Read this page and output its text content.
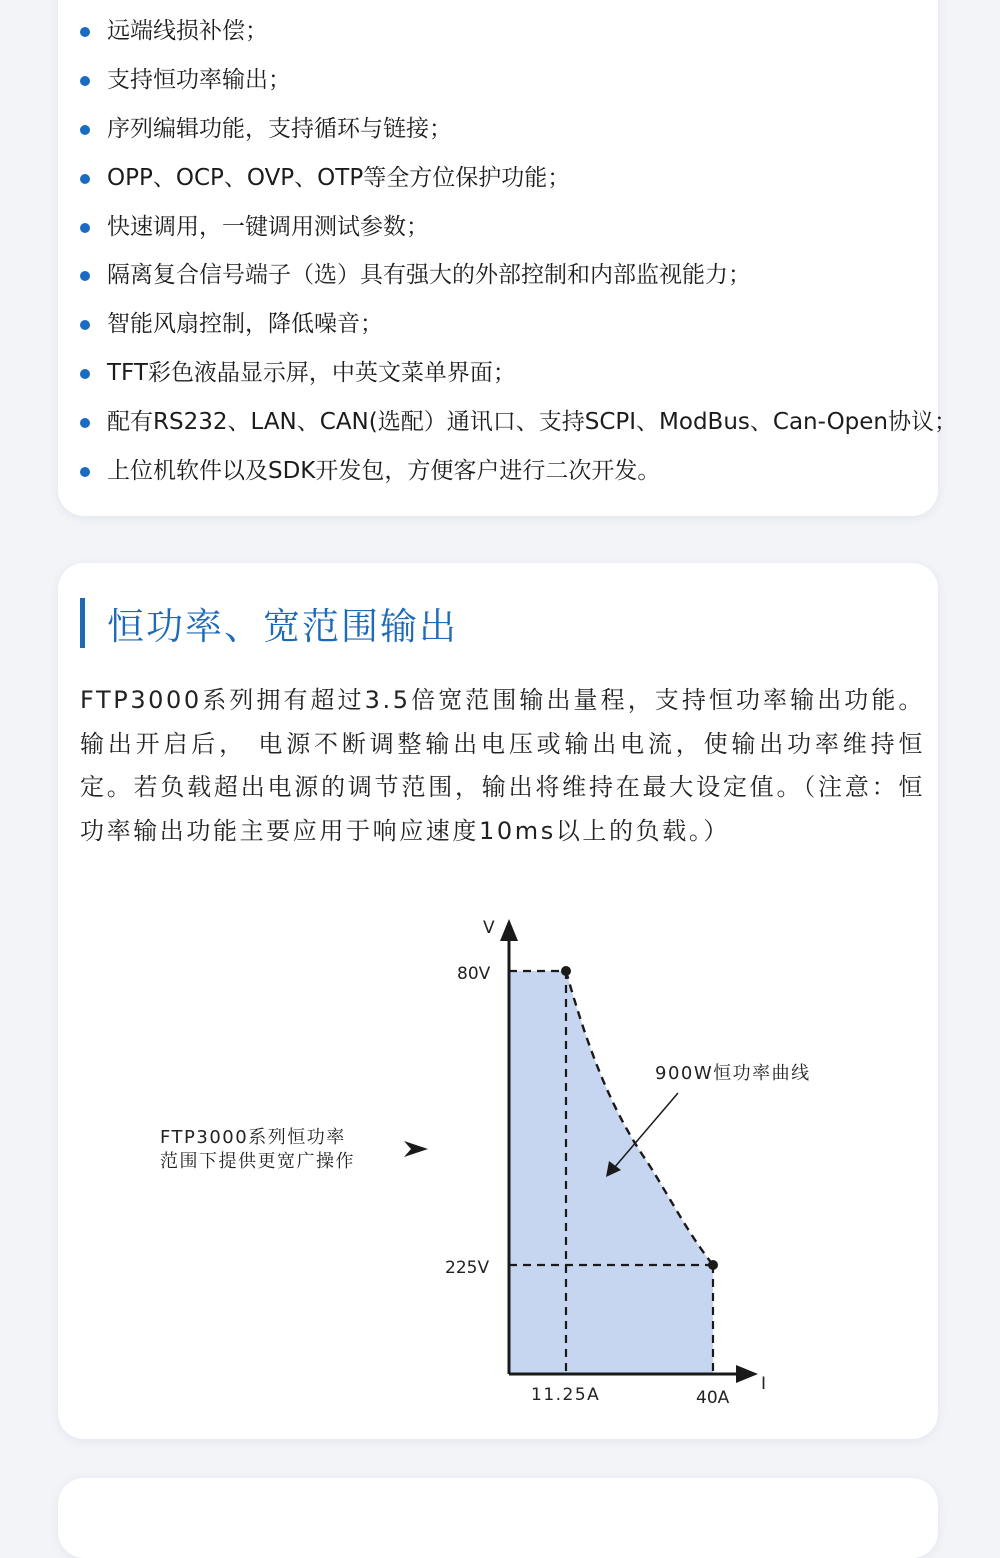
远端线损补偿；
支持恒功率输出；
序列编辑功能，支持循环与链接；
OPP、OCP、OVP、OTP等全方位保护功能；
快速调用，一键调用测试参数；
隔离复合信号端子（选）具有强大的外部控制和内部监视能力；
智能风扇控制，降低噪音；
TFT彩色液晶显示屏，中英文菜单界面；
配有RS232、LAN、CAN(选配）通讯口、支持SCPI、ModBus、Can-Open协议；
上位机软件以及SDK开发包，方便客户进行二次开发。
恒功率、宽范围输出

FTP3000系列拥有超过3.5倍宽范围输出量程，支持恒功率输出功能。输出开启后， 电源不断调整输出电压或输出电流，使输出功率维持恒定。若负载超出电源的调节范围，输出将维持在最大设定值。（注意：恒功率输出功能主要应用于响应速度10ms以上的负载。）

V
I
80V
225V
11.25A	40A
900W恒功率曲线
FTP3000系列恒功率
范围下提供更宽广操作
